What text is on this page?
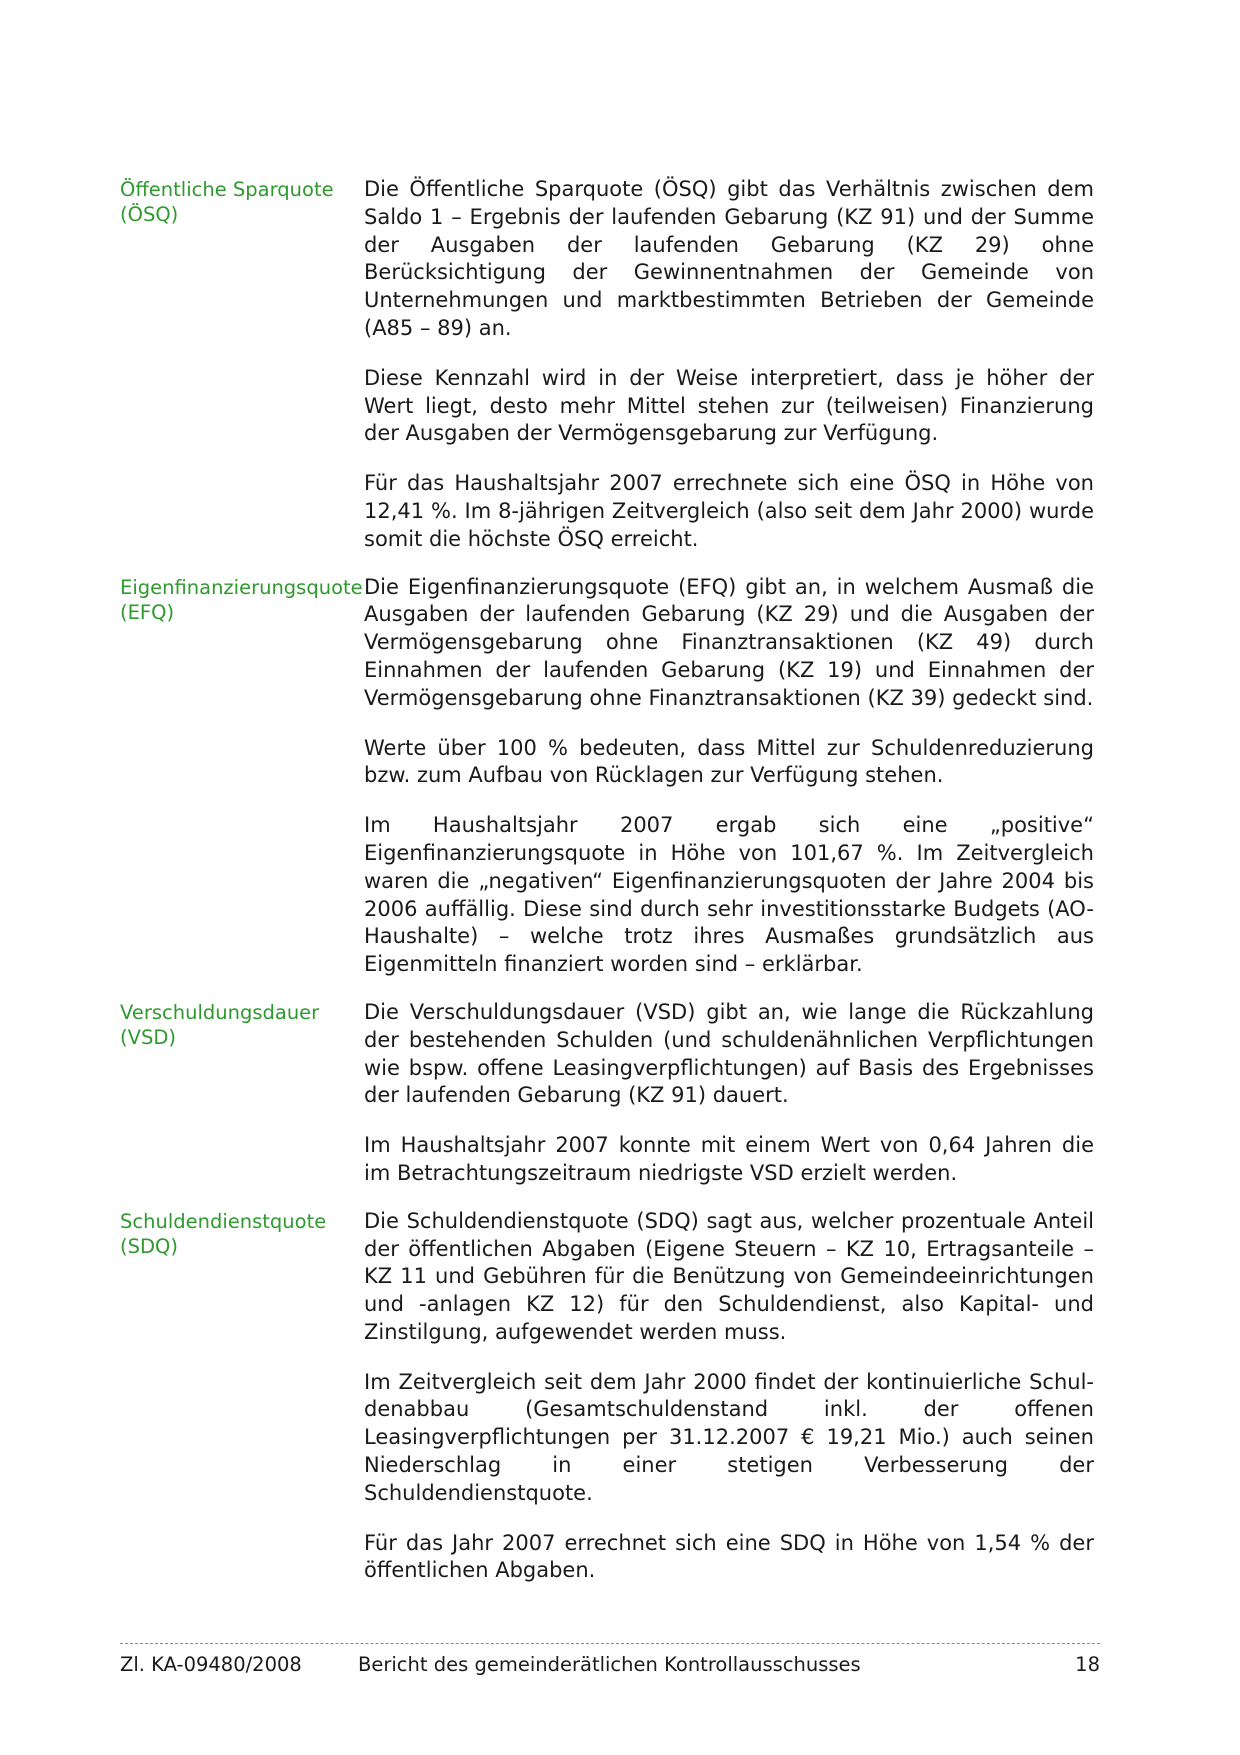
Öffentliche Sparquote
(ÖSQ)

Die Öffentliche Sparquote (ÖSQ) gibt das Verhältnis zwischen dem Saldo 1 – Ergebnis der laufenden Gebarung (KZ 91) und der Summe der Ausgaben der laufenden Gebarung (KZ 29) ohne Berücksichtigung der Gewinnentnahmen der Gemeinde von Unternehmungen und marktbestimmten Betrieben der Gemeinde (A85 – 89) an.

Diese Kennzahl wird in der Weise interpretiert, dass je höher der Wert liegt, desto mehr Mittel stehen zur (teilweisen) Finanzierung der Ausgaben der Vermögensgebarung zur Verfügung.

Für das Haushaltsjahr 2007 errechnete sich eine ÖSQ in Höhe von 12,41 %. Im 8-jährigen Zeitvergleich (also seit dem Jahr 2000) wurde somit die höchste ÖSQ erreicht.

Eigenfinanzierungsquote
(EFQ)

Die Eigenfinanzierungsquote (EFQ) gibt an, in welchem Ausmaß die Ausgaben der laufenden Gebarung (KZ 29) und die Ausgaben der Vermögensgebarung ohne Finanztransaktionen (KZ 49) durch Einnahmen der laufenden Gebarung (KZ 19) und Einnahmen der Vermögensgebarung ohne Finanztransaktionen (KZ 39) gedeckt sind.

Werte über 100 % bedeuten, dass Mittel zur Schuldenreduzierung bzw. zum Aufbau von Rücklagen zur Verfügung stehen.

Im Haushaltsjahr 2007 ergab sich eine „positive“ Eigenfinanzierungsquote in Höhe von 101,67 %. Im Zeitvergleich waren die „negativen“ Eigenfinanzierungsquoten der Jahre 2004 bis 2006 auffällig. Diese sind durch sehr investitionsstarke Budgets (AO-Haushalte) – welche trotz ihres Ausmaßes grundsätzlich aus Eigenmitteln finanziert worden sind – erklärbar.

Verschuldungsdauer
(VSD)

Die Verschuldungsdauer (VSD) gibt an, wie lange die Rückzahlung der bestehenden Schulden (und schuldenähnlichen Verpflichtungen wie bspw. offene Leasingverpflichtungen) auf Basis des Ergebnisses der laufenden Gebarung (KZ 91) dauert.

Im Haushaltsjahr 2007 konnte mit einem Wert von 0,64 Jahren die im Betrachtungszeitraum niedrigste VSD erzielt werden.

Schuldendienstquote
(SDQ)

Die Schuldendienstquote (SDQ) sagt aus, welcher prozentuale Anteil der öffentlichen Abgaben (Eigene Steuern – KZ 10, Ertragsanteile – KZ 11 und Gebühren für die Benützung von Gemeindeeinrichtungen und -anlagen KZ 12) für den Schuldendienst, also Kapital- und Zinstilgung, aufgewendet werden muss.

Im Zeitvergleich seit dem Jahr 2000 findet der kontinuierliche Schuldenabbau (Gesamtschuldenstand inkl. der offenen Leasingverpflichtungen per 31.12.2007 € 19,21 Mio.) auch seinen Niederschlag in einer stetigen Verbesserung der Schuldendienstquote.

Für das Jahr 2007 errechnet sich eine SDQ in Höhe von 1,54 % der öffentlichen Abgaben.

Zl. KA-09480/2008	Bericht des gemeinderätlichen Kontrollausschusses	18
